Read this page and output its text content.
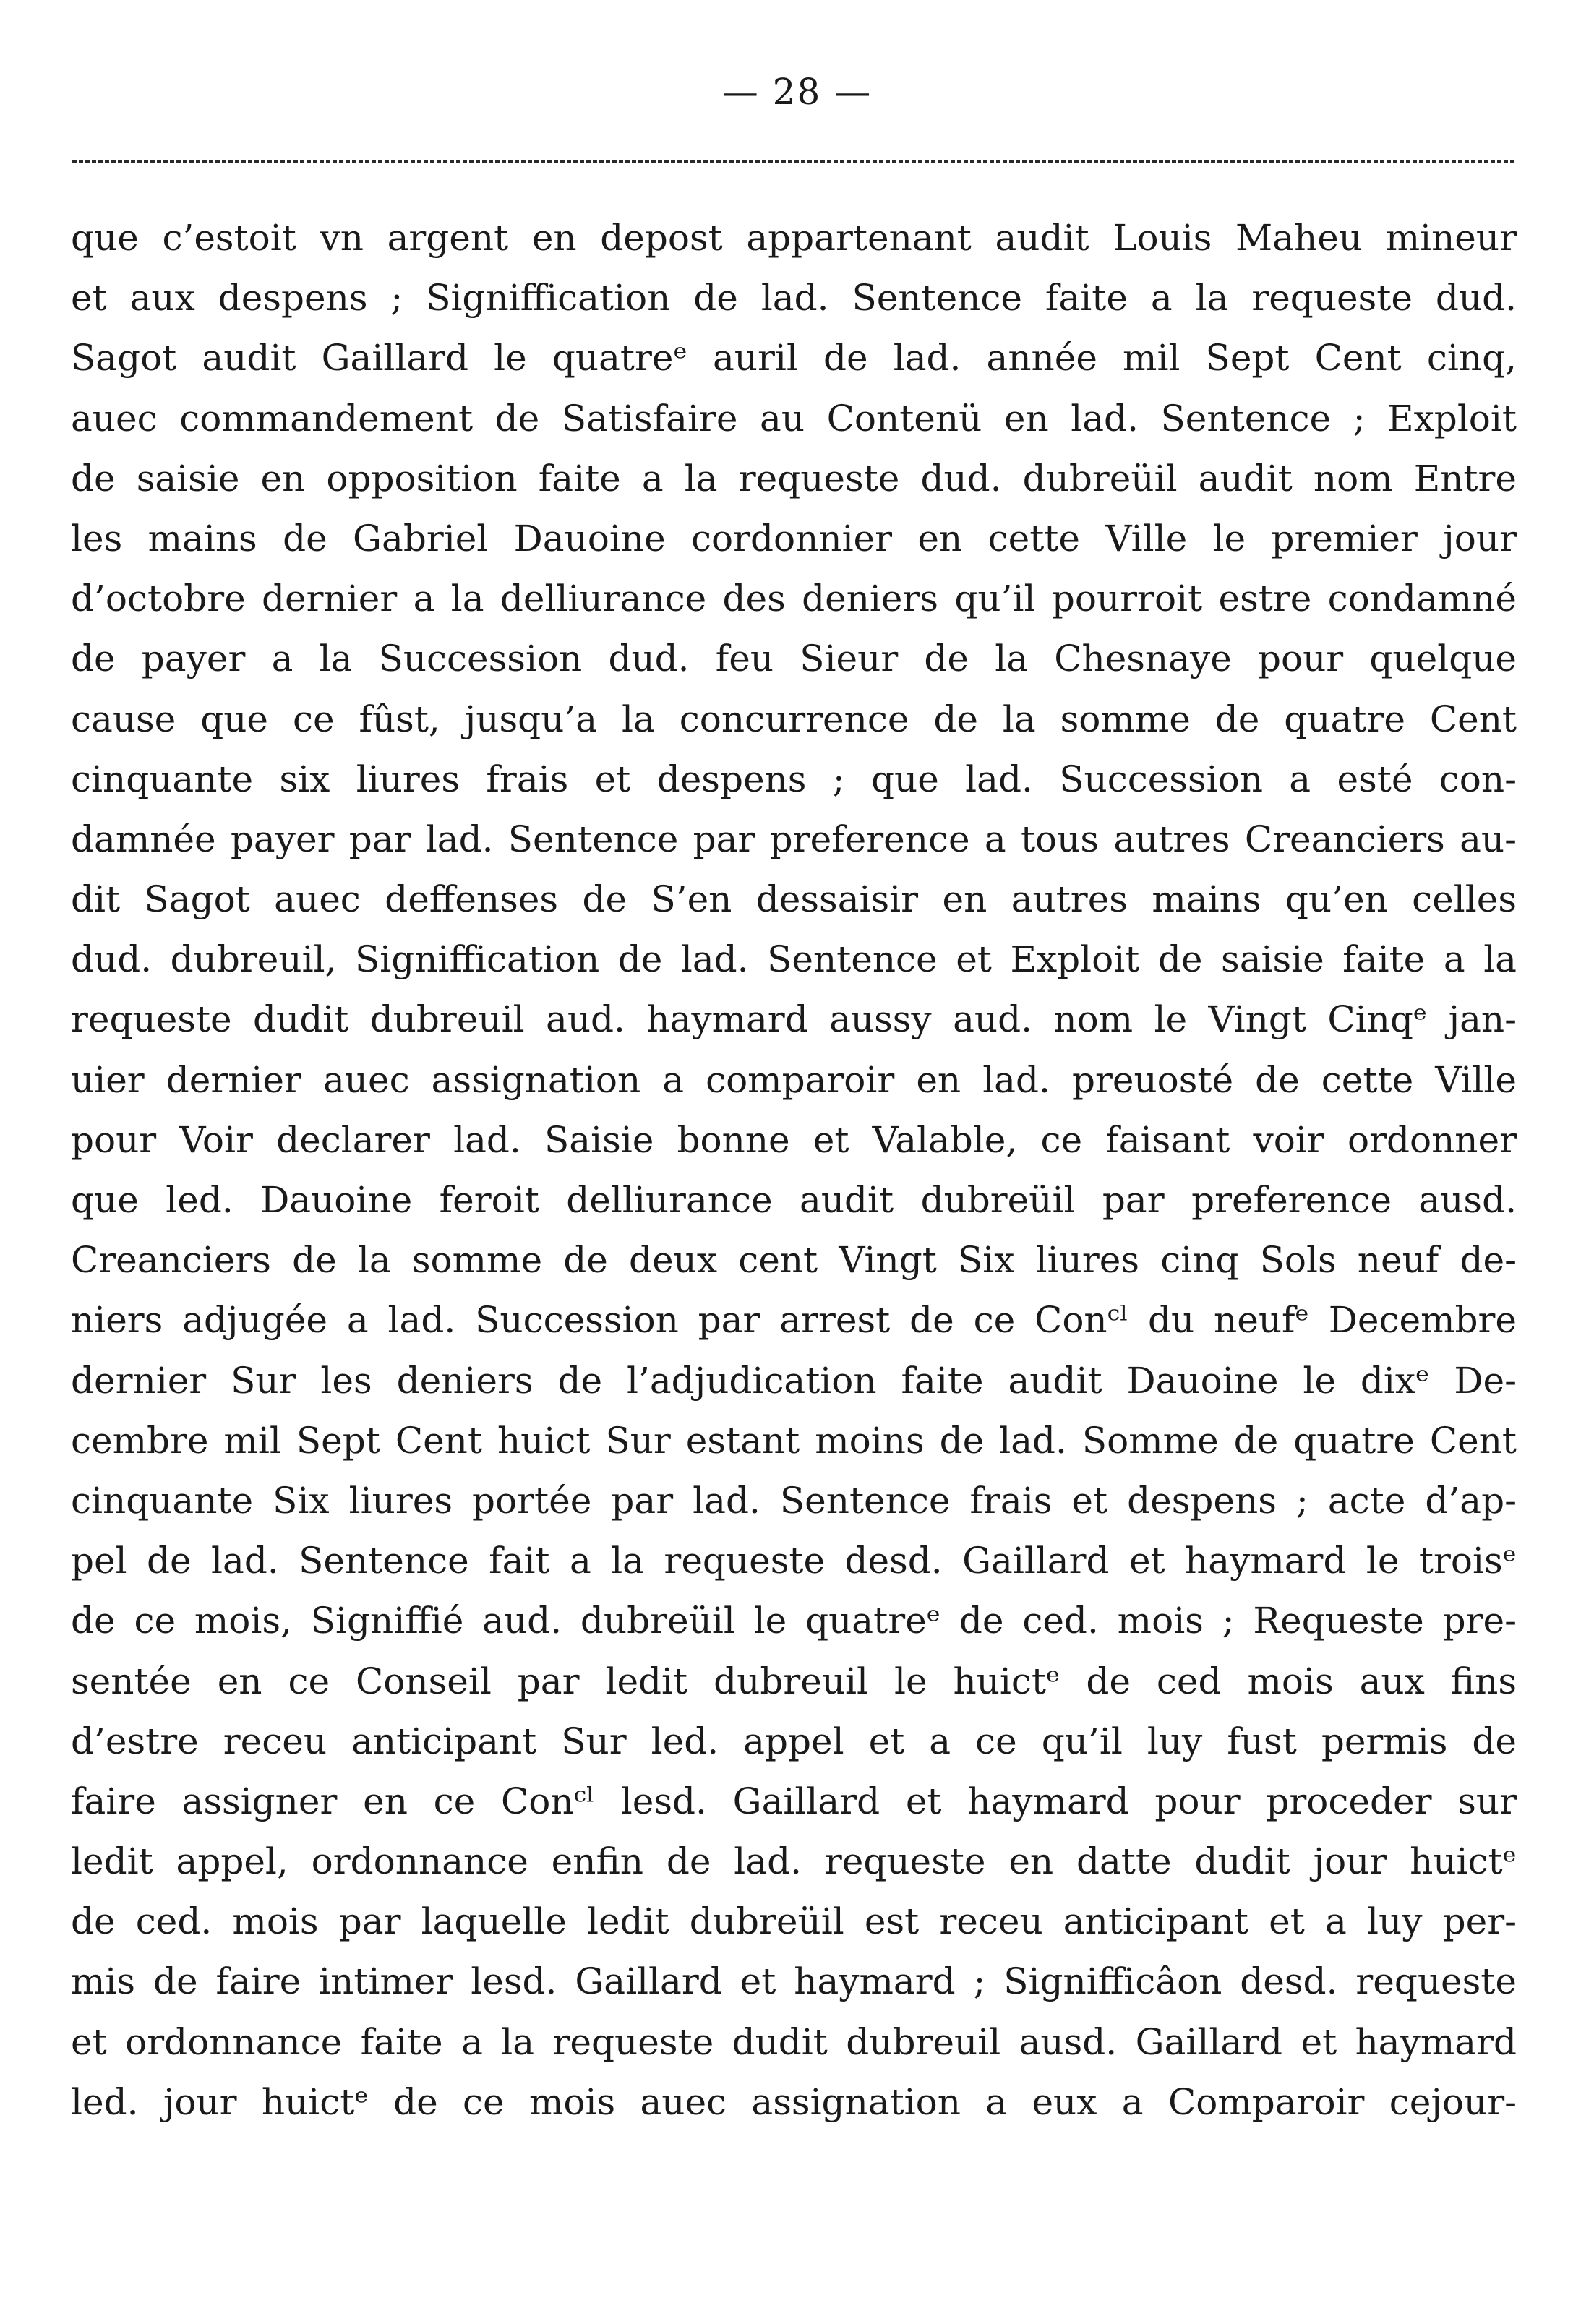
— 28 —
que c’estoit vn argent en depost appartenant audit Louis Maheu mineur
et aux despens ; Signiffication de lad. Sentence faite a la requeste dud.
Sagot audit Gaillard le quatreᵉ auril de lad. année mil Sept Cent cinq,
auec commandement de Satisfaire au Contenü en lad. Sentence ; Exploit
de saisie en opposition faite a la requeste dud. dubreüil audit nom Entre
les mains de Gabriel Dauoine cordonnier en cette Ville le premier jour
d’octobre dernier a la delliurance des deniers qu’il pourroit estre condamné
de payer a la Succession dud. feu Sieur de la Chesnaye pour quelque
cause que ce fûst, jusqu’a la concurrence de la somme de quatre Cent
cinquante six liures frais et despens ; que lad. Succession a esté con-
damnée payer par lad. Sentence par preference a tous autres Creanciers au-
dit Sagot auec deffenses de S’en dessaisir en autres mains qu’en celles
dud. dubreuil, Signiffication de lad. Sentence et Exploit de saisie faite a la
requeste dudit dubreuil aud. haymard aussy aud. nom le Vingt Cinqᵉ jan-
uier dernier auec assignation a comparoir en lad. preuosté de cette Ville
pour Voir declarer lad. Saisie bonne et Valable, ce faisant voir ordonner
que led. Dauoine feroit delliurance audit dubreüil par preference ausd.
Creanciers de la somme de deux cent Vingt Six liures cinq Sols neuf de-
niers adjugée a lad. Succession par arrest de ce Conᶜˡ du neufᵉ Decembre
dernier Sur les deniers de l’adjudication faite audit Dauoine le dixᵉ De-
cembre mil Sept Cent huict Sur estant moins de lad. Somme de quatre Cent
cinquante Six liures portée par lad. Sentence frais et despens ; acte d’ap-
pel de lad. Sentence fait a la requeste desd. Gaillard et haymard le troisᵉ
de ce mois, Signiffié aud. dubreüil le quatreᵉ de ced. mois ; Requeste pre-
sentée en ce Conseil par ledit dubreuil le huictᵉ de ced mois aux fins
d’estre receu anticipant Sur led. appel et a ce qu’il luy fust permis de
faire assigner en ce Conᶜˡ lesd. Gaillard et haymard pour proceder sur
ledit appel, ordonnance enfin de lad. requeste en datte dudit jour huictᵉ
de ced. mois par laquelle ledit dubreüil est receu anticipant et a luy per-
mis de faire intimer lesd. Gaillard et haymard ; Signifficâon desd. requeste
et ordonnance faite a la requeste dudit dubreuil ausd. Gaillard et haymard
led. jour huictᵉ de ce mois auec assignation a eux a Comparoir cejour-
